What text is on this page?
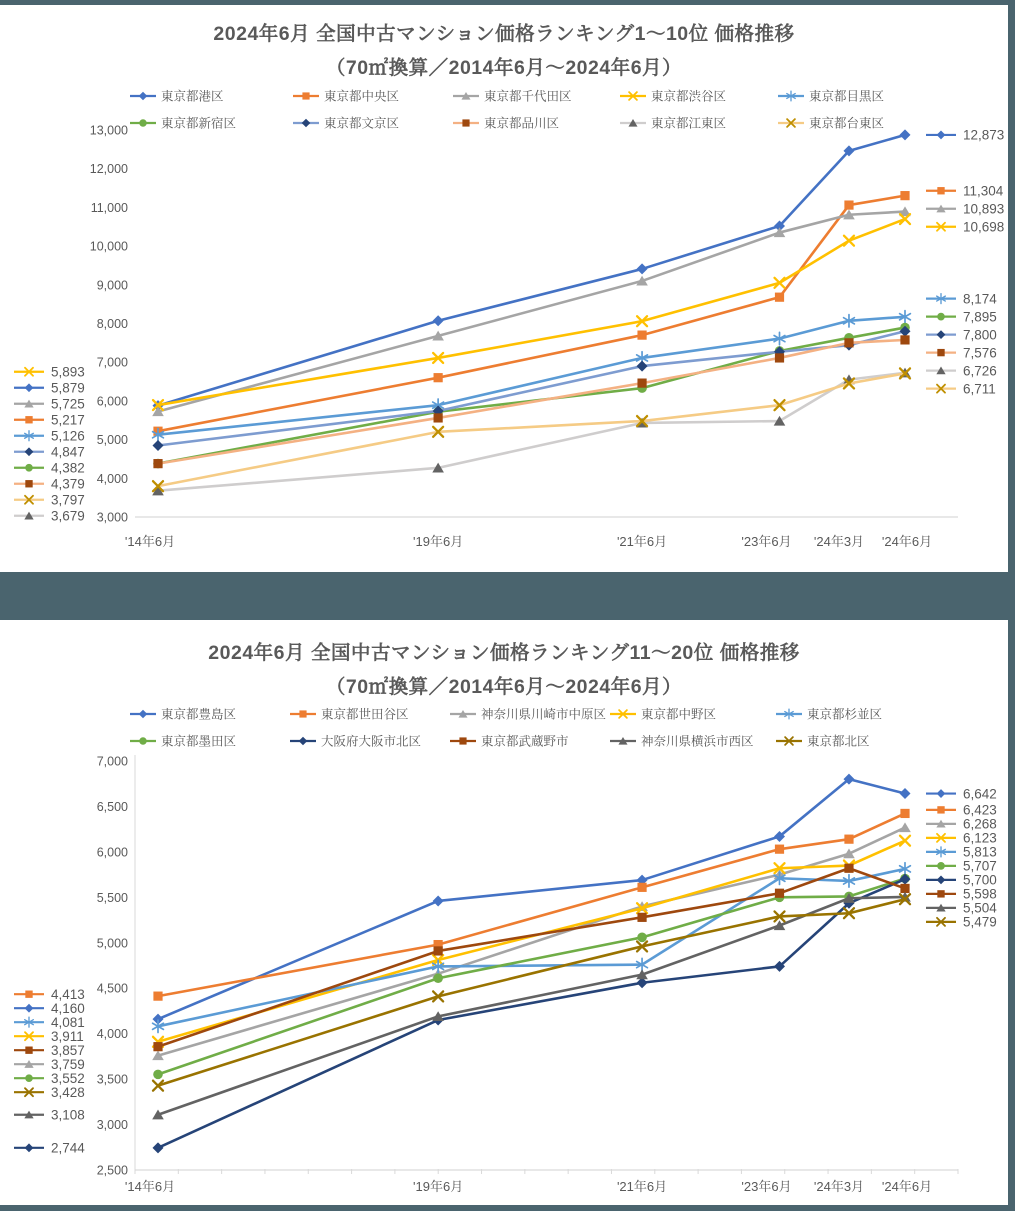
2024年6月 全国中古マンション価格ランキング1～10位 価格推移
（70㎡換算／2014年6月～2024年6月）
3,000
4,000
5,000
6,000
7,000
8,000
9,000
10,000
11,000
12,000
13,000
'14年6月	'19年6月	'21年6月	'23年6月 '24年3月 '24年6月
5,893
5,879
5,725
5,217
5,126
4,847
4,382
4,379
3,797
3,679
12,873
11,304
10,893
10,698
8,174
7,895
7,800
7,576
6,726
6,711
東京都港区	東京都中央区	東京都千代田区	東京都渋谷区	東京都目黒区
東京都新宿区	東京都文京区	東京都品川区	東京都江東区	東京都台東区
2024年6月 全国中古マンション価格ランキング11～20位 価格推移
（70㎡換算／2014年6月～2024年6月）
2,500
3,000
3,500
4,000
4,500
5,000
5,500
6,000
6,500
7,000
'14年6月	'19年6月	'21年6月	'23年6月 '24年3月 '24年6月
4,413
4,160
4,081
3,911
3,857
3,759
3,552
3,428
3,108
2,744
6,642
6,423
6,268
6,123
5,813
5,707
5,700
5,598
5,504
5,479
東京都豊島区	東京都世田谷区	神奈川県川崎市中原区	東京都中野区	東京都杉並区
東京都墨田区	大阪府大阪市北区	東京都武蔵野市	神奈川県横浜市西区	東京都北区
